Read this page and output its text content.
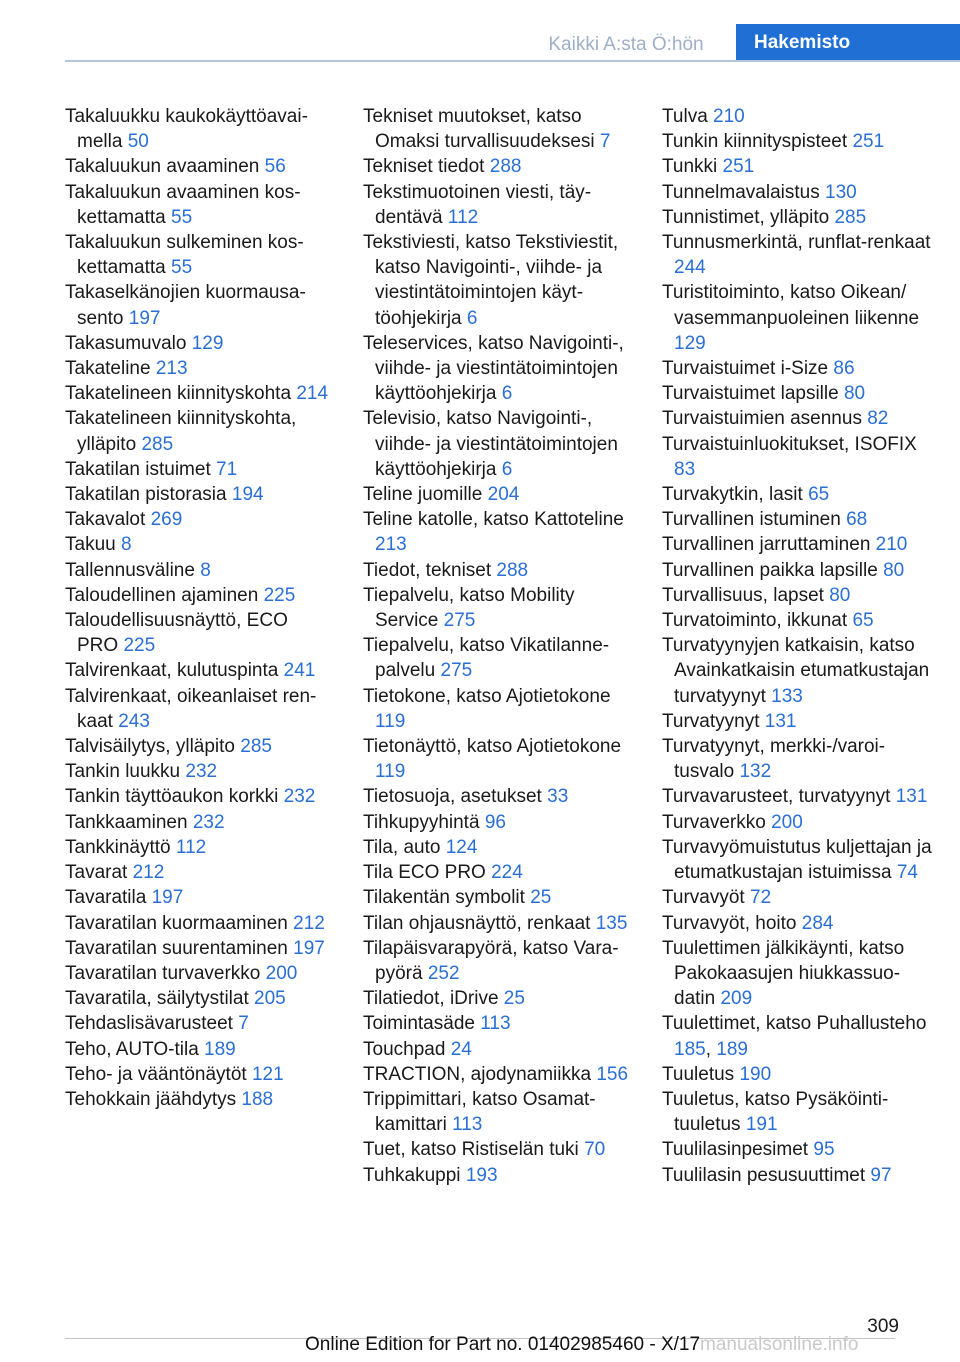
Kaikki A:sta Ö:hön	Hakemisto

Takaluukku kaukokäyttöavaimella 50

Takaluukun avaaminen 56

Takaluukun avaaminen koskettamatta 55

Takaluukun sulkeminen koskettamatta 55

Takaselkänojien kuormausasento 197

Takasumuvalo 129

Takateline 213

Takatelineen kiinnityskohta 214

Takatelineen kiinnityskohta, ylläpito 285

Takatilan istuimet 71

Takatilan pistorasia 194

Takavalot 269

Takuu 8

Tallennusväline 8

Taloudellinen ajaminen 225

Taloudellisuusnäyttö, ECO PRO 225

Talvirenkaat, kulutuspinta 241

Talvirenkaat, oikeanlaiset renkaat 243

Talvisäilytys, ylläpito 285

Tankin luukku 232

Tankin täyttöaukon korkki 232

Tankkaaminen 232

Tankkinäyttö 112

Tavarat 212

Tavaratila 197

Tavaratilan kuormaaminen 212

Tavaratilan suurentaminen 197

Tavaratilan turvaverkko 200

Tavaratila, säilytystilat 205

Tehdaslisävarusteet 7

Teho, AUTO-tila 189

Teho- ja vääntönäytöt 121

Tehokkain jäähdytys 188

Tekniset muutokset, katso Omaksi turvallisuudeksesi 7

Tekniset tiedot 288

Tekstimuotoinen viesti, täydentävä 112

Tekstiviesti, katso Tekstiviestit, katso Navigointi-, viihde- ja viestintätoimintojen käyttöohjekirja 6

Teleservices, katso Navigointi-, viihde- ja viestintätoimintojen käyttöohjekirja 6

Televisio, katso Navigointi-, viihde- ja viestintätoimintojen käyttöohjekirja 6

Teline juomille 204

Teline katolle, katso Kattoteline 213

Tiedot, tekniset 288

Tiepalvelu, katso Mobility Service 275

Tiepalvelu, katso Vikatilannepalvelu 275

Tietokone, katso Ajotietokone 119

Tietonäyttö, katso Ajotietokone 119

Tietosuoja, asetukset 33

Tihkupyyhintä 96

Tila, auto 124

Tila ECO PRO 224

Tilakentän symbolit 25

Tilan ohjausnäyttö, renkaat 135

Tilapäisvarapyörä, katso Varapyörä 252

Tilatiedot, iDrive 25

Toimintasäde 113

Touchpad 24

TRACTION, ajodynamiikka 156

Trippimittari, katso Osamatkamittari 113

Tuet, katso Ristiselän tuki 70

Tuhkakuppi 193

Tulva 210

Tunkin kiinnityspisteet 251

Tunkki 251

Tunnelmavalaistus 130

Tunnistimet, ylläpito 285

Tunnusmerkintä, runflat-renkaat 244

Turistitoiminto, katso Oikean/ vasemmanpuoleinen liikenne 129

Turvaistuimet i-Size 86

Turvaistuimet lapsille 80

Turvaistuimien asennus 82

Turvaistuinluokitukset, ISOFIX 83

Turvakytkin, lasit 65

Turvallinen istuminen 68

Turvallinen jarruttaminen 210

Turvallinen paikka lapsille 80

Turvallisuus, lapset 80

Turvatoiminto, ikkunat 65

Turvatyynyjen katkaisin, katso Avainkatkaisin etumatkustajan turvatyynyt 133

Turvatyynyt 131

Turvatyynyt, merkki-/varoitusvalo 132

Turvavarusteet, turvatyynyt 131

Turvaverkko 200

Turvavyömuistutus kuljettajan ja etumatkustajan istuimissa 74

Turvavyöt 72

Turvavyöt, hoito 284

Tuulettimen jälkikäynti, katso Pakokaasujen hiukkassuodatin 209

Tuulettimet, katso Puhallusteho 185, 189

Tuuletus 190

Tuuletus, katso Pysäköintituuletus 191

Tuulilasinpesimet 95

Tuulilasin pesusuuttimet 97

309
manualsonline.info
Online Edition for Part no. 01402985460 - X/17
